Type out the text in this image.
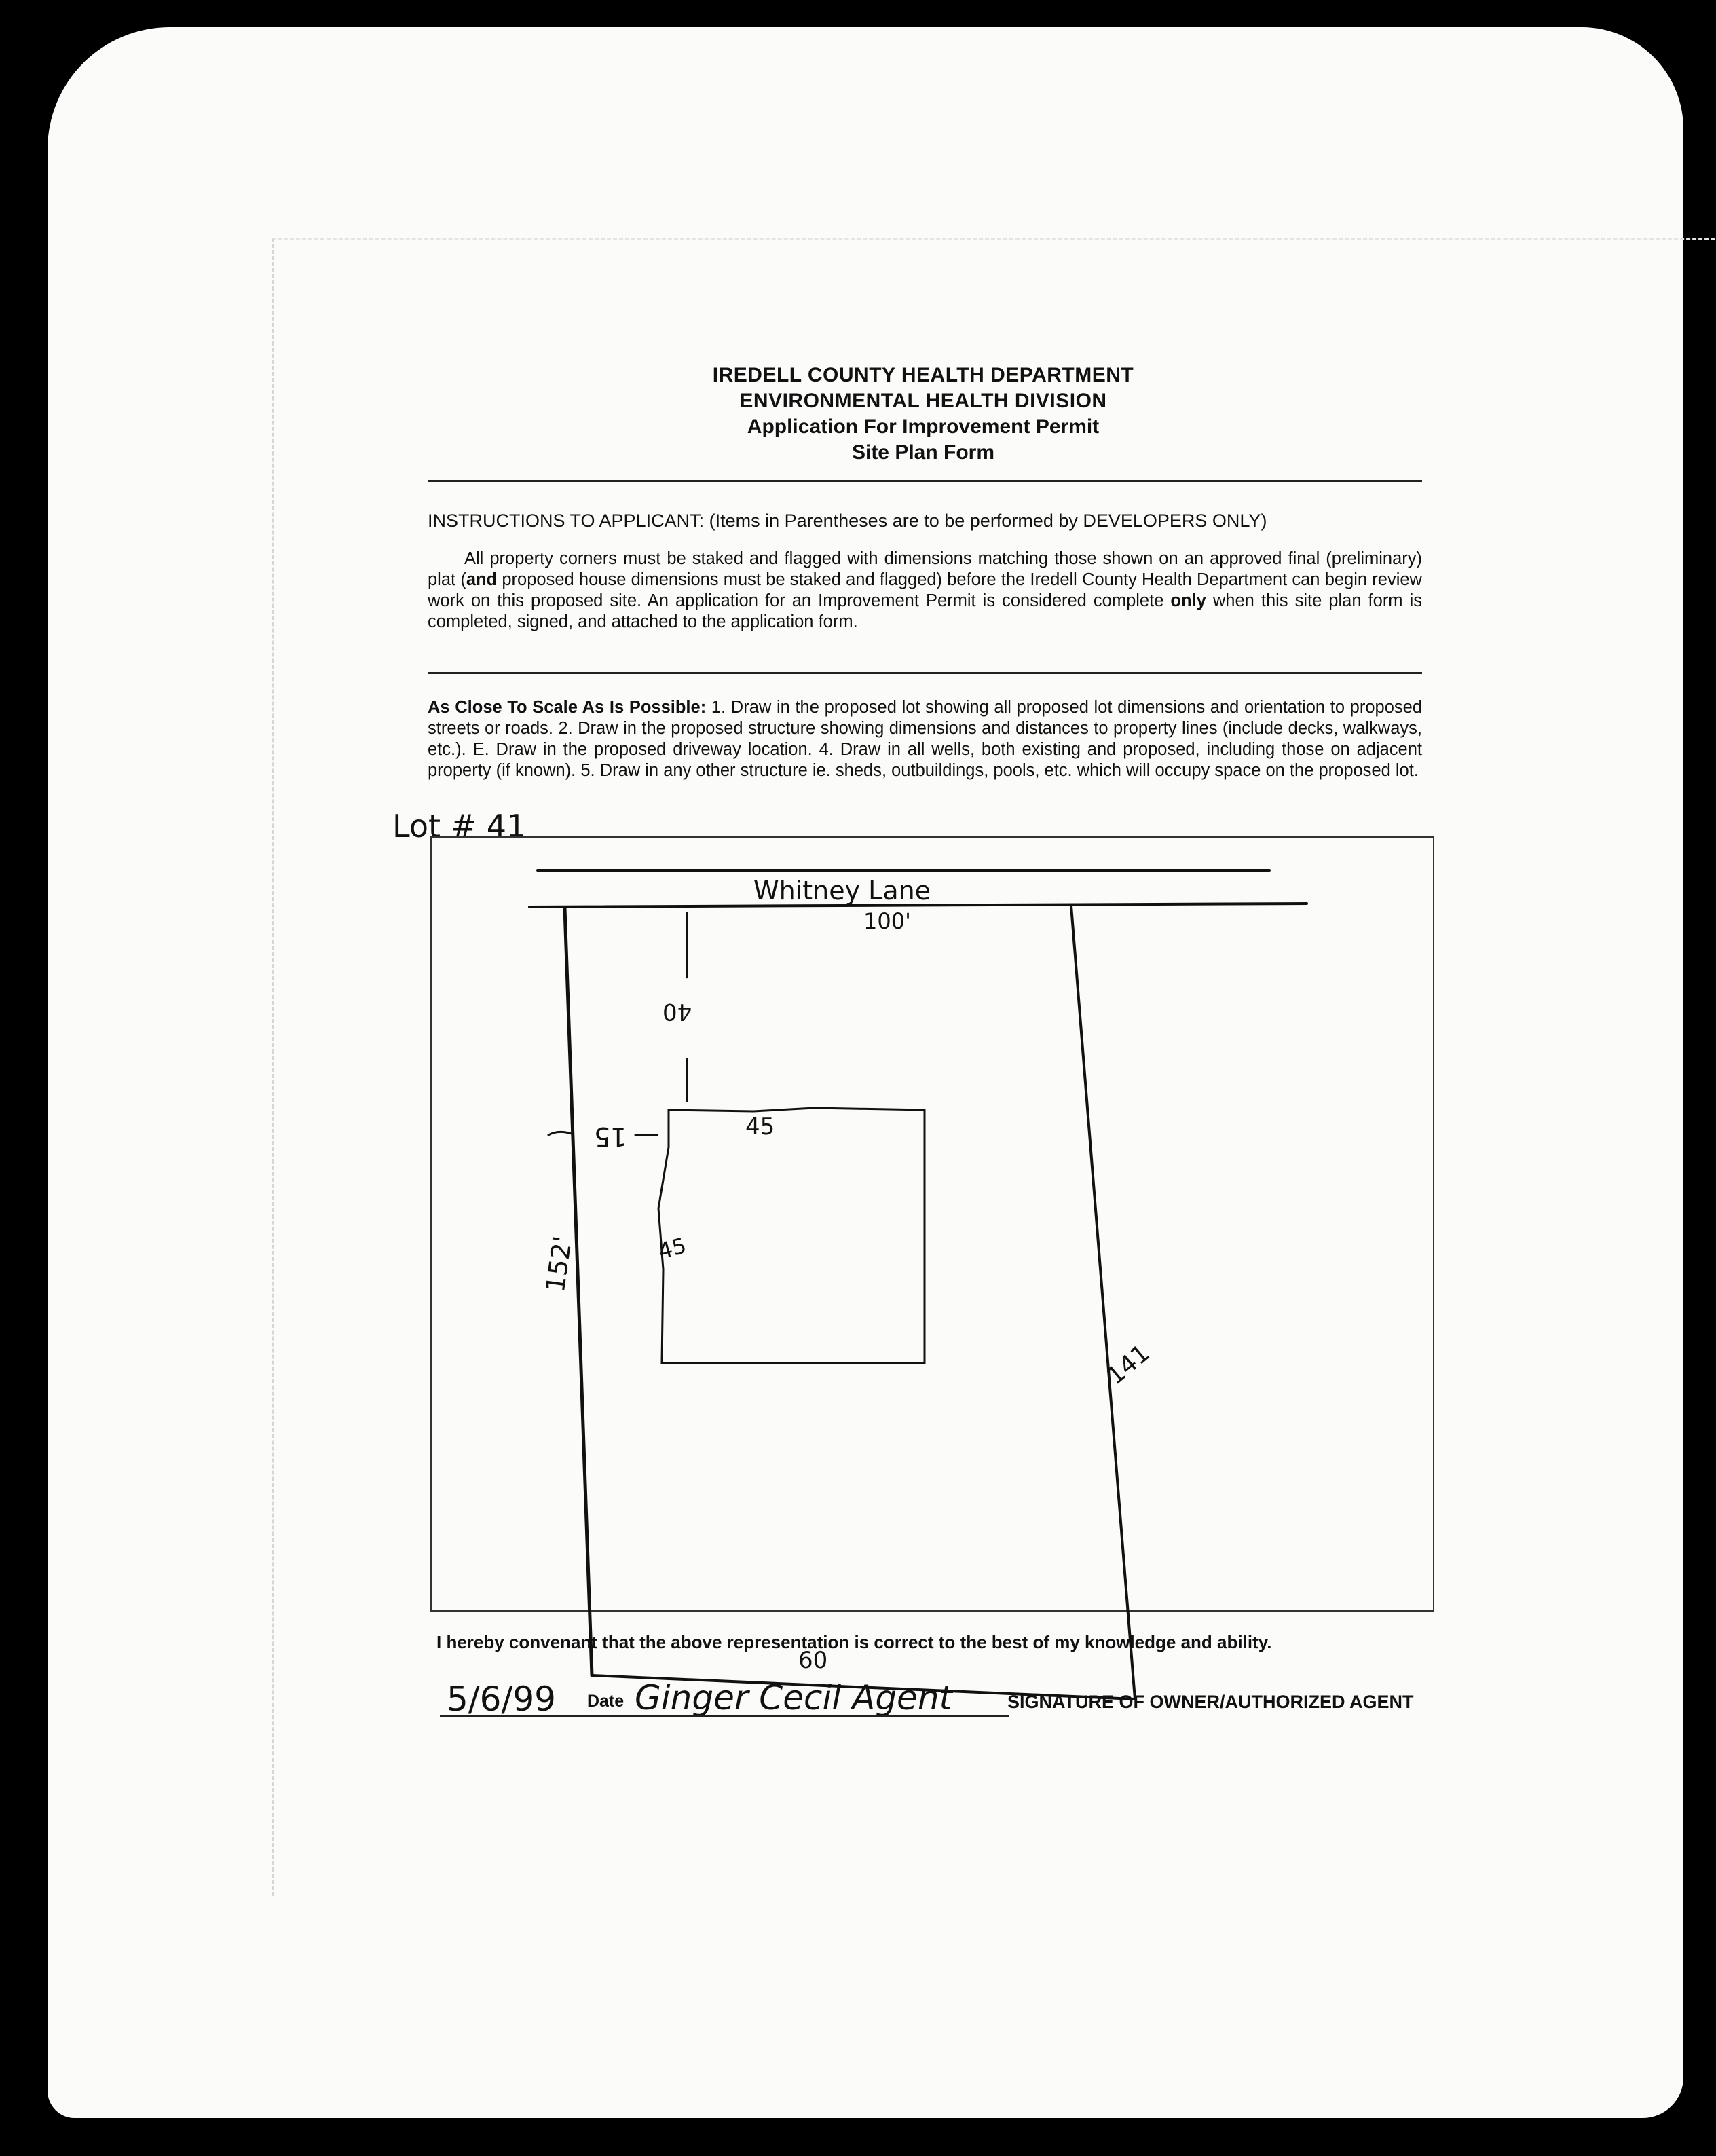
IREDELL COUNTY HEALTH DEPARTMENT
ENVIRONMENTAL HEALTH DIVISION
Application For Improvement Permit
Site Plan Form
INSTRUCTIONS TO APPLICANT: (Items in Parentheses are to be performed by DEVELOPERS ONLY)

All property corners must be staked and flagged with dimensions matching those shown on an approved final (preliminary) plat (and proposed house dimensions must be staked and flagged) before the Iredell County Health Department can begin review work on this proposed site. An application for an Improvement Permit is considered complete only when this site plan form is completed, signed, and attached to the application form.

As Close To Scale As Is Possible: 1. Draw in the proposed lot showing all proposed lot dimensions and orientation to proposed streets or roads. 2. Draw in the proposed structure showing dimensions and distances to property lines (include decks, walkways, etc.). E. Draw in the proposed driveway location. 4. Draw in all wells, both existing and proposed, including those on adjacent property (if known). 5. Draw in any other structure ie. sheds, outbuildings, pools, etc. which will occupy space on the proposed lot.

Lot # 41
Whitney Lane
100'
40
15	45
45
152'
141
I hereby convenant that the above representation is correct to the best of my knowledge and ability.
60
5/6/99 Date Ginger Cecil Agent	SIGNATURE OF OWNER/AUTHORIZED AGENT
